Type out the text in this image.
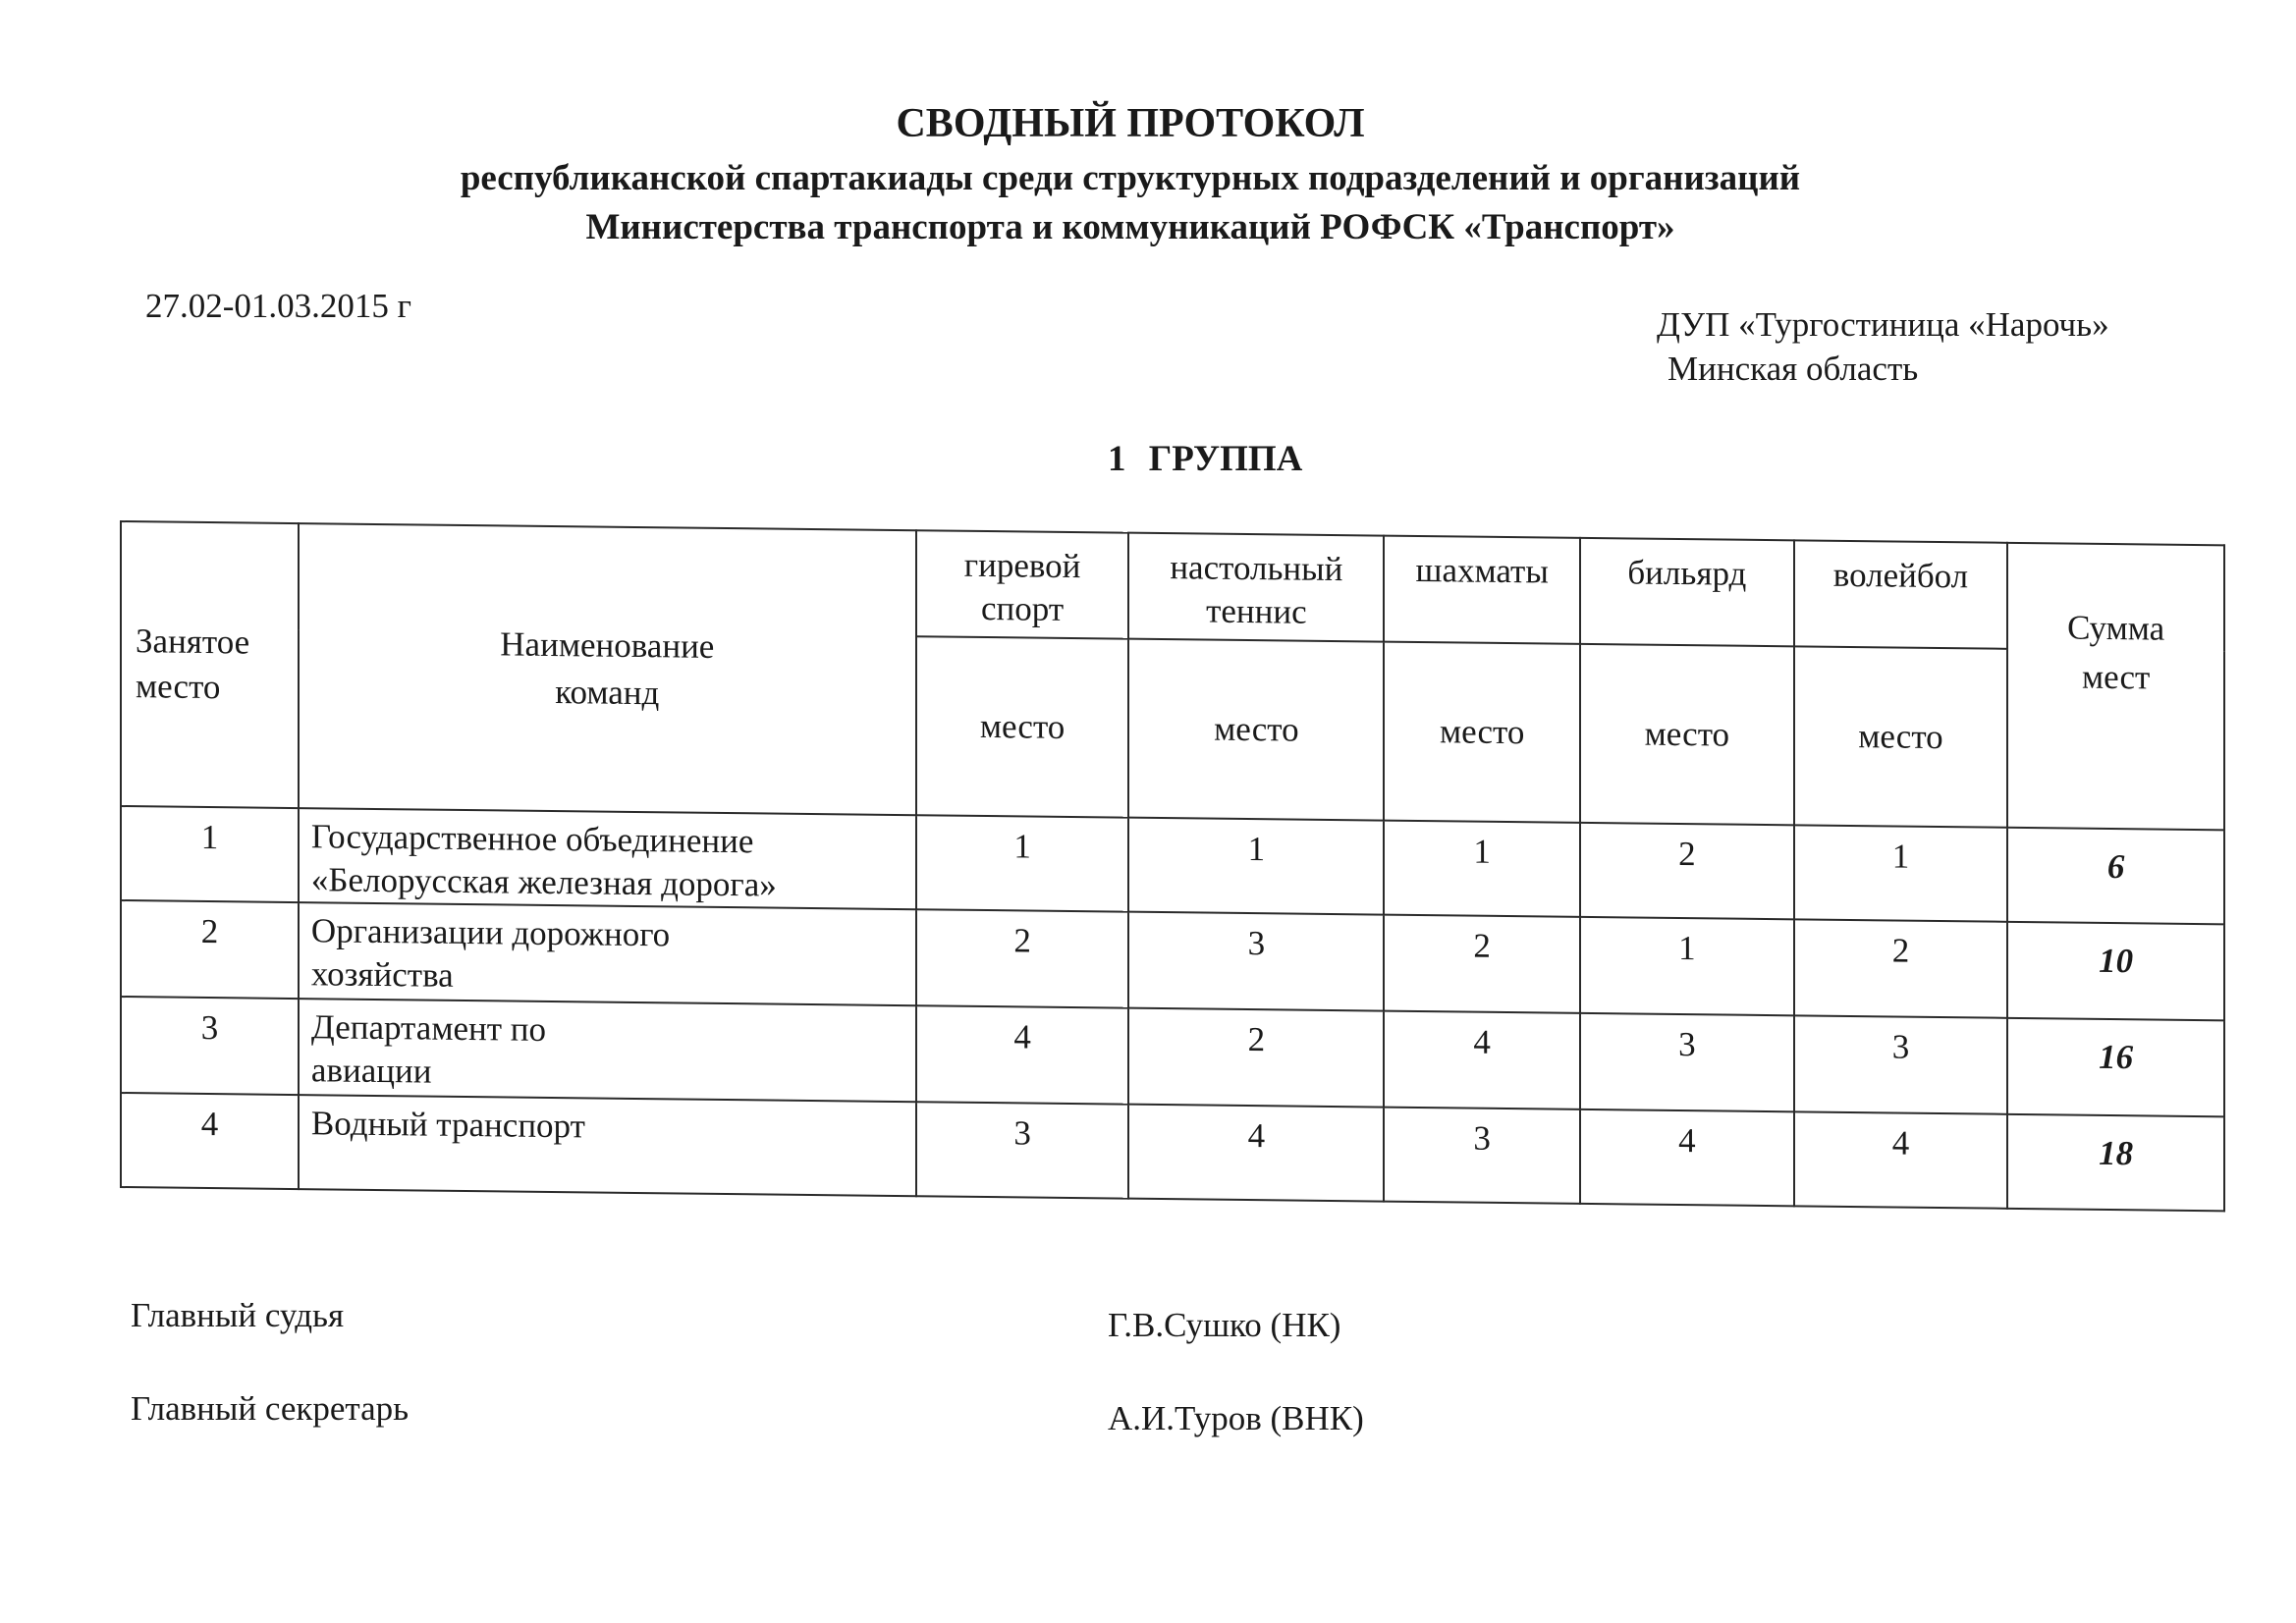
СВОДНЫЙ ПРОТОКОЛ
республиканской спартакиады среди структурных подразделений и организаций
Министерства транспорта и коммуникаций РОФСК «Транспорт»
27.02-01.03.2015 г	ДУП «Тургостиница «Нарочь»
Минская область
1 ГРУППА
Занятое место	Наименование команд	гиревой спорт	настольный теннис	шахматы	бильярд	волейбол	Сумма мест

		место	место	место	место	место	
1	Государственное объединение «Белорусская железная дорога»	1	1	1	2	1	6
2	Организации дорожного хозяйства	2	3	2	1	2	10
3	Департамент по авиации	4	2	4	3	3	16
4	Водный транспорт	3	4	3	4	4	18
Главный судья	Г.В.Сушко (НК)
Главный секретарь	А.И.Туров (ВНК)
